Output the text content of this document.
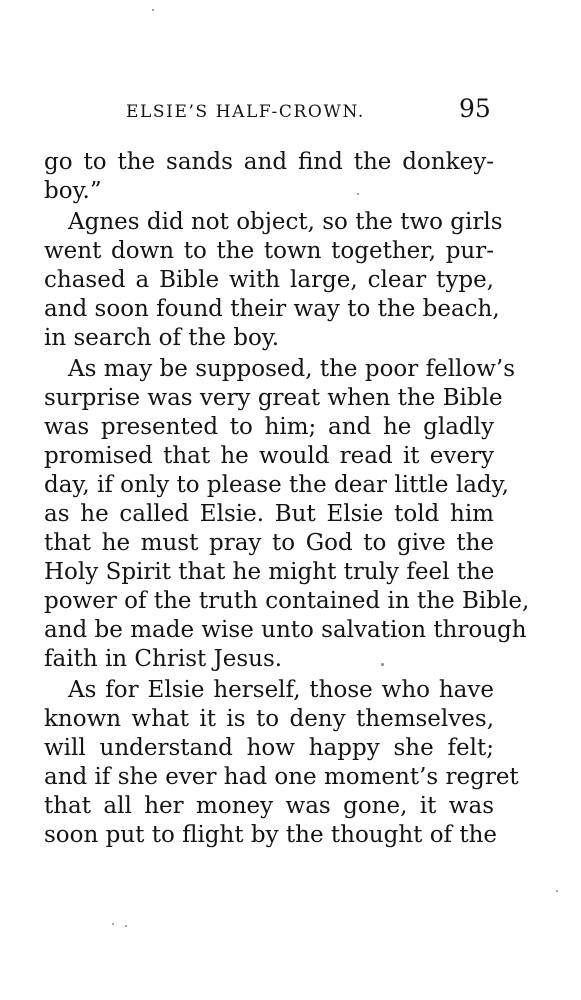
ELSIE’S HALF-CROWN.	95

go to the sands and find the donkey-
boy.”

Agnes did not object, so the two girls
went down to the town together, pur-
chased a Bible with large, clear type,
and soon found their way to the beach,
in search of the boy.

As may be supposed, the poor fellow’s
surprise was very great when the Bible
was presented to him; and he gladly
promised that he would read it every
day, if only to please the dear little lady,
as he called Elsie. But Elsie told him
that he must pray to God to give the
Holy Spirit that he might truly feel the
power of the truth contained in the Bible,
and be made wise unto salvation through
faith in Christ Jesus.

As for Elsie herself, those who have
known what it is to deny themselves,
will understand how happy she felt;
and if she ever had one moment’s regret
that all her money was gone, it was
soon put to flight by the thought of the
